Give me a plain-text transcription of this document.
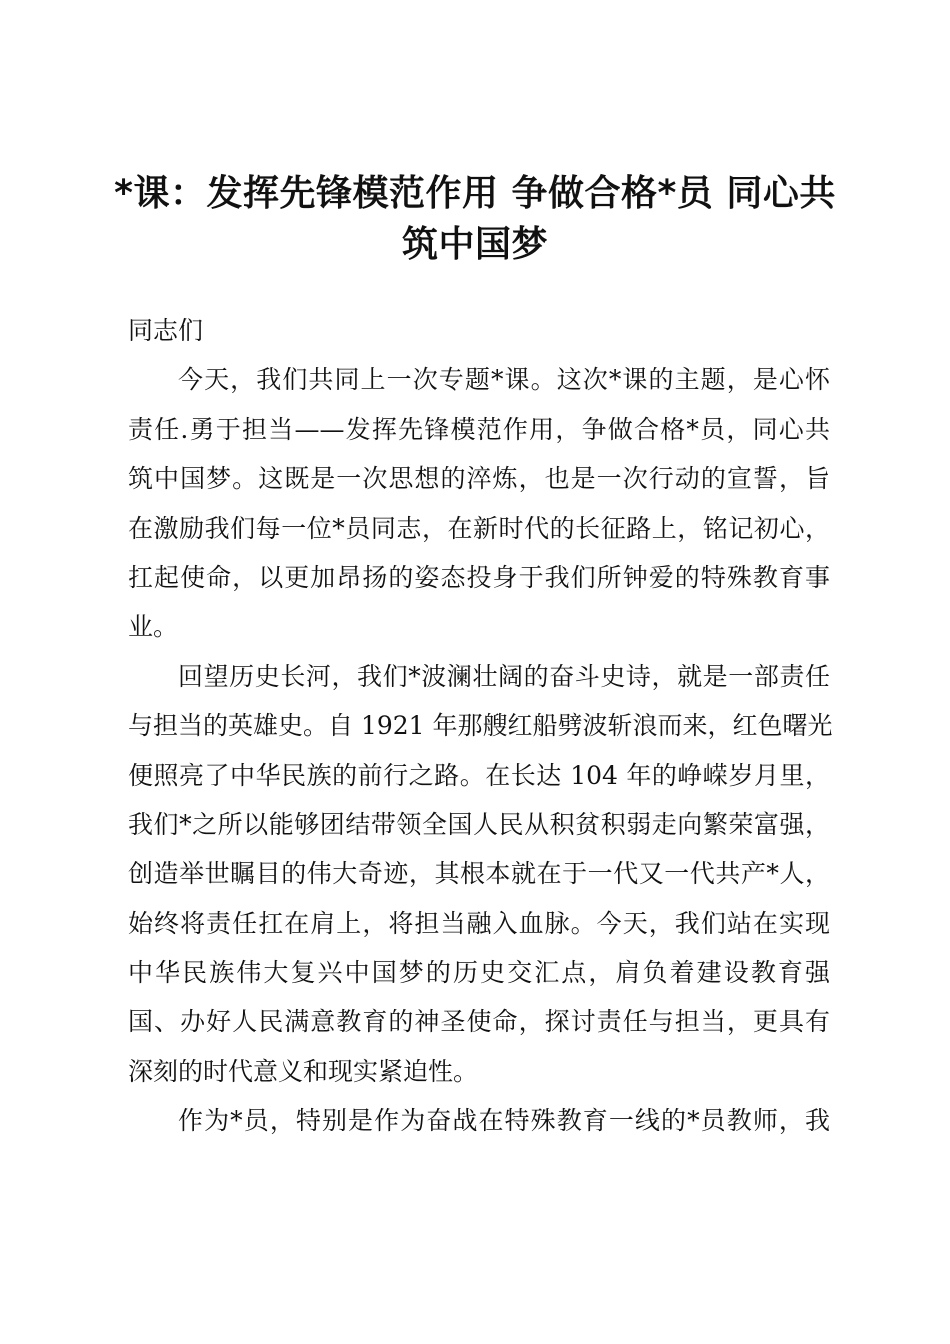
*课：发挥先锋模范作用 争做合格*员 同心共
筑中国梦
同志们
今天，我们共同上一次专题*课。这次*课的主题，是心怀
责任.勇于担当——发挥先锋模范作用，争做合格*员，同心共
筑中国梦。这既是一次思想的淬炼，也是一次行动的宣誓，旨
在激励我们每一位*员同志，在新时代的长征路上，铭记初心，
扛起使命，以更加昂扬的姿态投身于我们所钟爱的特殊教育事
业。
回望历史长河，我们*波澜壮阔的奋斗史诗，就是一部责任
与担当的英雄史。自 1921 年那艘红船劈波斩浪而来，红色曙光
便照亮了中华民族的前行之路。在长达 104 年的峥嵘岁月里，
我们*之所以能够团结带领全国人民从积贫积弱走向繁荣富强，
创造举世瞩目的伟大奇迹，其根本就在于一代又一代共产*人，
始终将责任扛在肩上，将担当融入血脉。今天，我们站在实现
中华民族伟大复兴中国梦的历史交汇点，肩负着建设教育强
国、办好人民满意教育的神圣使命，探讨责任与担当，更具有
深刻的时代意义和现实紧迫性。
作为*员，特别是作为奋战在特殊教育一线的*员教师，我
